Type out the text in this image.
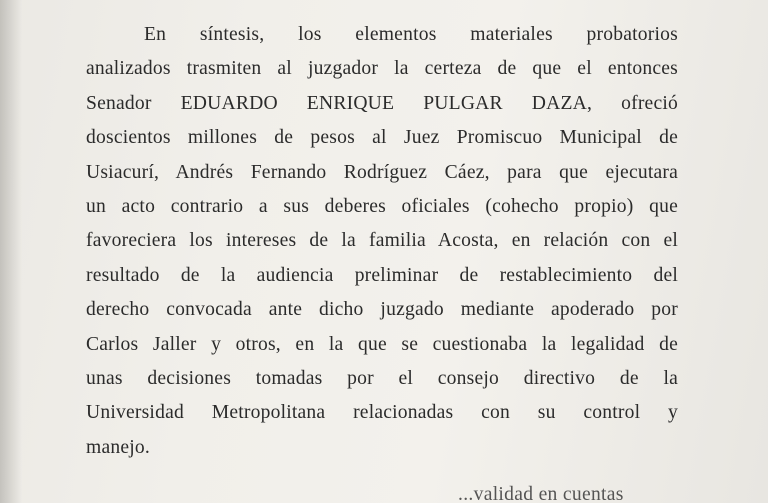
En síntesis, los elementos materiales probatorios
analizados trasmiten al juzgador la certeza de que el entonces
Senador EDUARDO ENRIQUE PULGAR DAZA, ofreció
doscientos millones de pesos al Juez Promiscuo Municipal de
Usiacurí, Andrés Fernando Rodríguez Cáez, para que ejecutara
un acto contrario a sus deberes oficiales (cohecho propio) que
favoreciera los intereses de la familia Acosta, en relación con el
resultado de la audiencia preliminar de restablecimiento del
derecho convocada ante dicho juzgado mediante apoderado por
Carlos Jaller y otros, en la que se cuestionaba la legalidad de
unas decisiones tomadas por el consejo directivo de la
Universidad Metropolitana relacionadas con su control y
manejo.

...validad en cuentas
